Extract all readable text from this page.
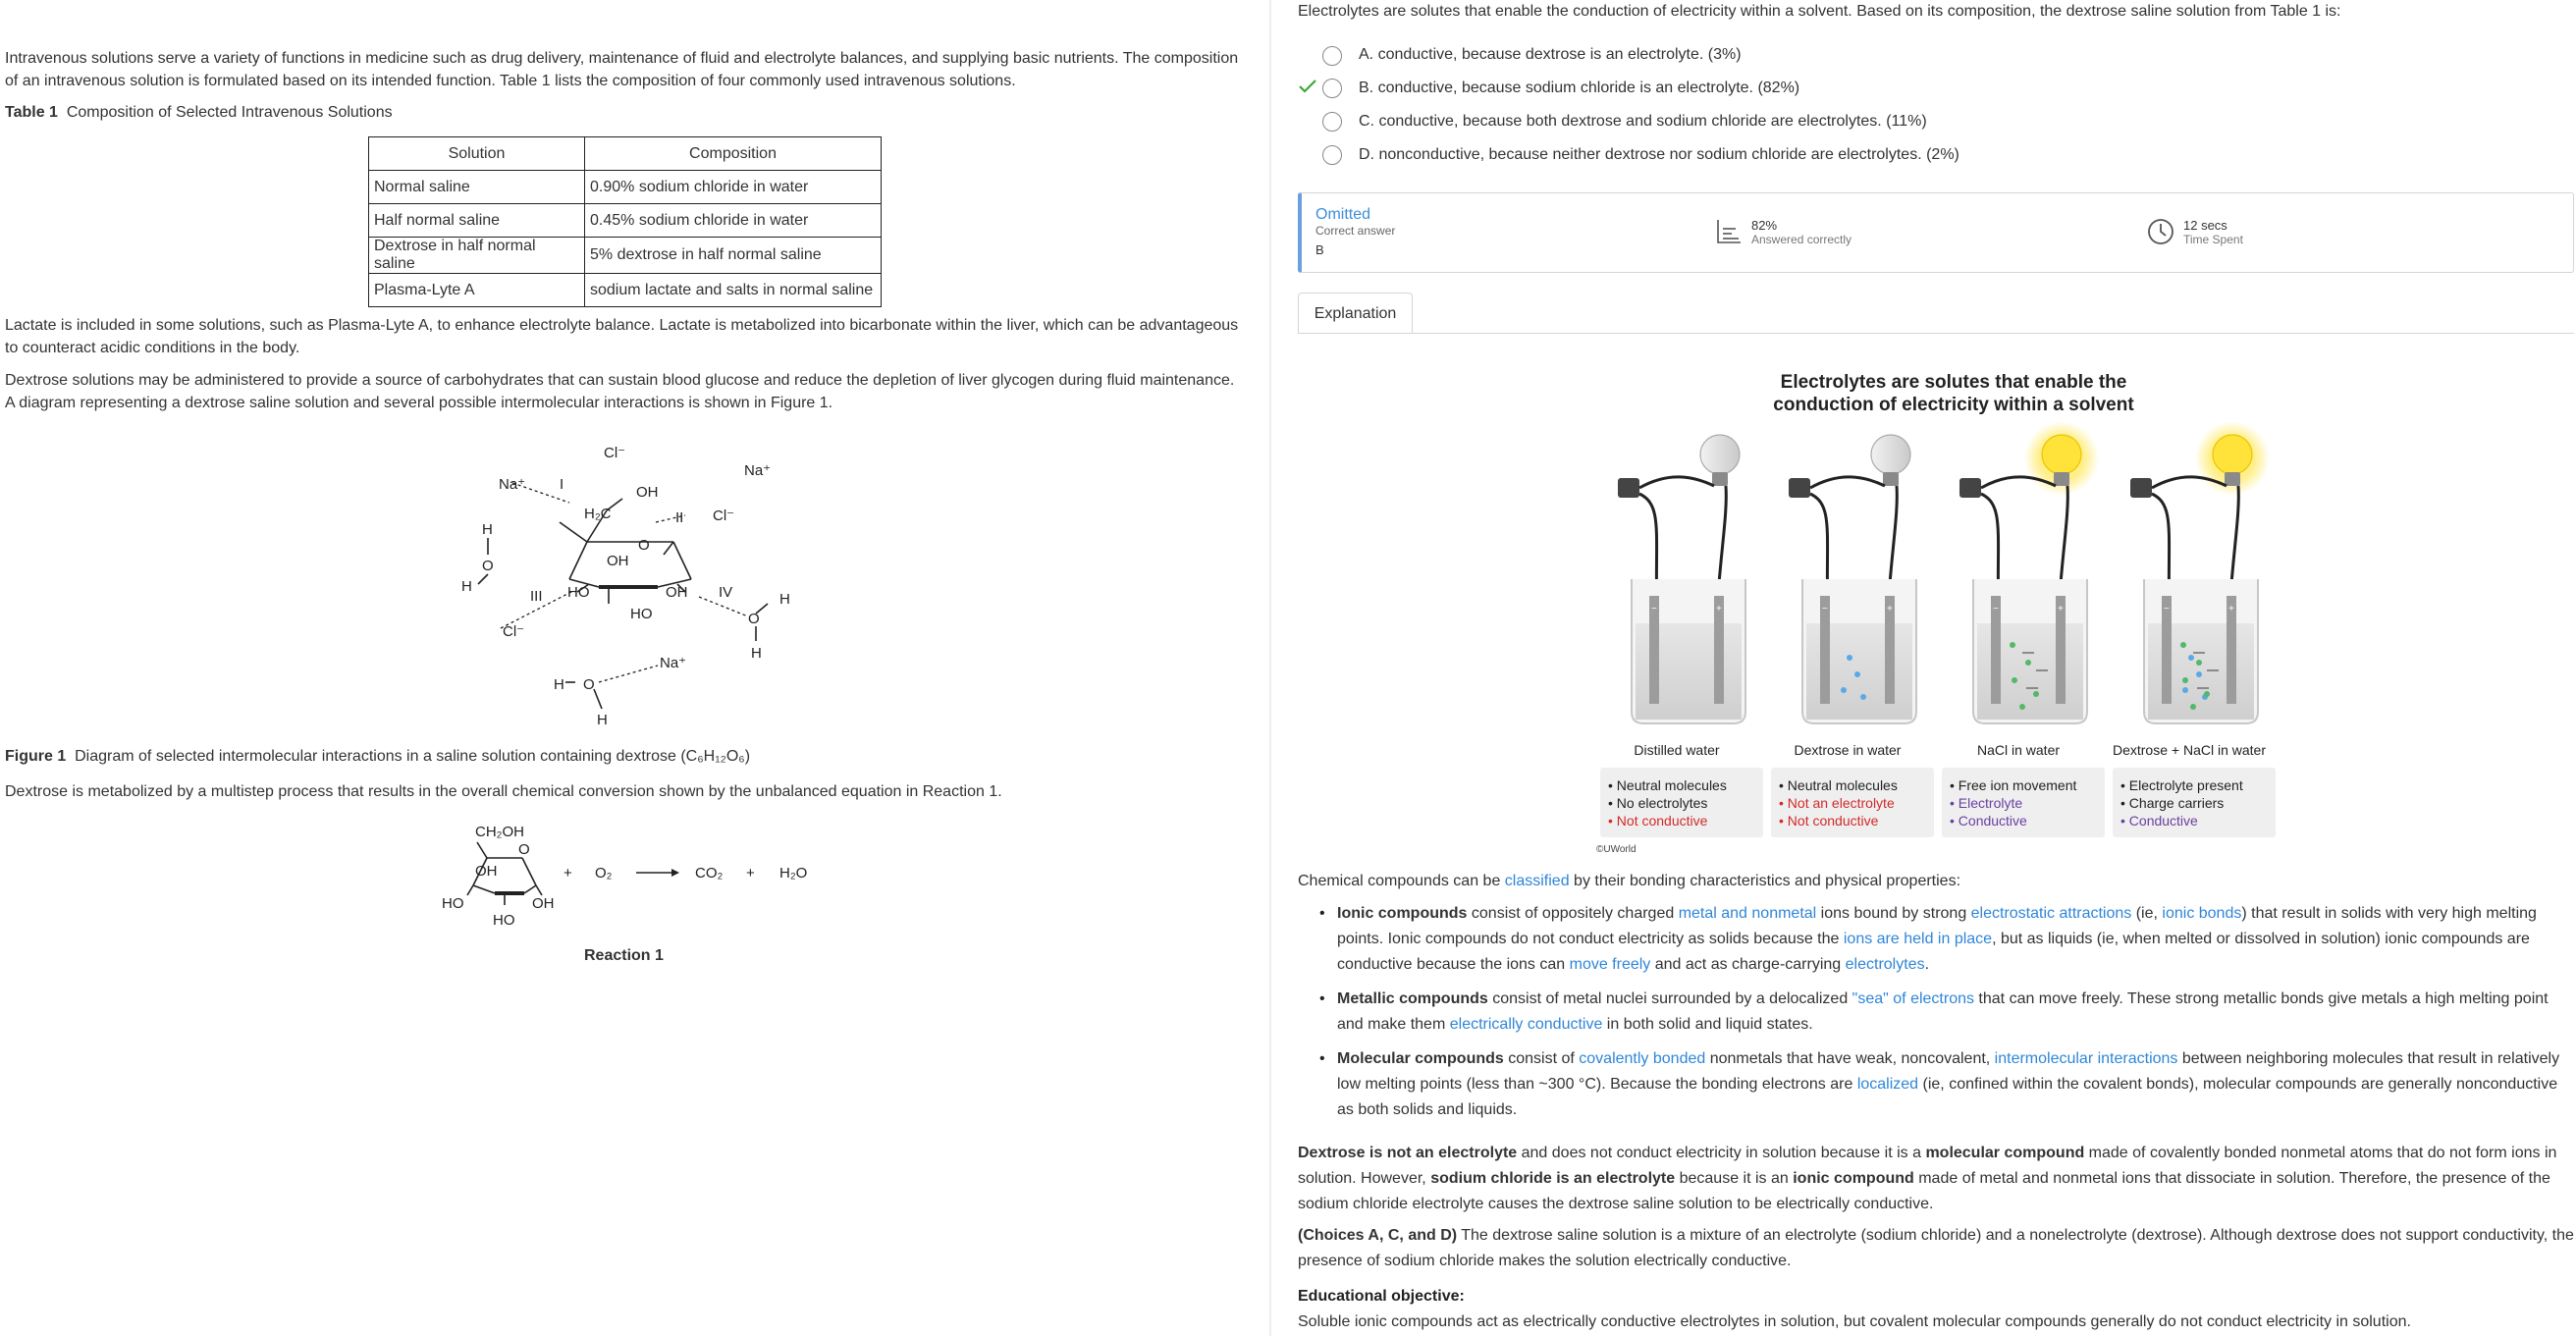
Intravenous solutions serve a variety of functions in medicine such as drug delivery, maintenance of fluid and electrolyte balances, and supplying basic nutrients. The composition

of an intravenous solution is formulated based on its intended function. Table 1 lists the composition of four commonly used intravenous solutions.

Table 1 Composition of Selected Intravenous Solutions
Solution	Composition
Normal saline	0.90% sodium chloride in water
Half normal saline	0.45% sodium chloride in water
Dextrose in half normal saline	5% dextrose in half normal saline
Plasma-Lyte A	sodium lactate and salts in normal saline

Lactate is included in some solutions, such as Plasma-Lyte A, to enhance electrolyte balance. Lactate is metabolized into bicarbonate within the liver, which can be advantageous

to counteract acidic conditions in the body.

Dextrose solutions may be administered to provide a source of carbohydrates that can sustain blood glucose and reduce the depletion of liver glycogen during fluid maintenance.

A diagram representing a dextrose saline solution and several possible intermolecular interactions is shown in Figure 1.

Cl⁻
Na⁺
Na⁺
Cl⁻
Cl⁻
Na⁺
I
II
III	IV
H₂C
OH
OH
OH
HO
HO
O
H
O
H
O
H
H
H O
H
Figure 1 Diagram of selected intermolecular interactions in a saline solution containing dextrose (C₆H₁₂O₆)

Dextrose is metabolized by a multistep process that results in the overall chemical conversion shown by the unbalanced equation in Reaction 1.

CH₂OH
OH
O
HO	OH
HO
+ O₂	CO₂ + H₂O
Reaction 1

Electrolytes are solutes that enable the conduction of electricity within a solvent. Based on its composition, the dextrose saline solution from Table 1 is:

A. conductive, because dextrose is an electrolyte. (3%)
B. conductive, because sodium chloride is an electrolyte. (82%)
C. conductive, because both dextrose and sodium chloride are electrolytes. (11%)
D. nonconductive, because neither dextrose nor sodium chloride are electrolytes. (2%)
Omitted
Correct answer
B
82%
Answered correctly
12 secs
Time Spent
Explanation
Electrolytes are solutes that enable the
conduction of electricity within a solvent
−	+	−	+	−	+	−	+
Distilled water
• Neutral molecules
• No electrolytes
• Not conductive
Dextrose in water
• Neutral molecules
• Not an electrolyte
• Not conductive
NaCl in water
• Free ion movement
• Electrolyte
• Conductive
Dextrose + NaCl in water
• Electrolyte present
• Charge carriers
• Conductive
©UWorld

Chemical compounds can be classified by their bonding characteristics and physical properties:

• Ionic compounds consist of oppositely charged metal and nonmetal ions bound by strong electrostatic attractions (ie, ionic bonds) that result in solids with very high melting points. Ionic compounds do not conduct electricity as solids because the ions are held in place, but as liquids (ie, when melted or dissolved in solution) ionic compounds are conductive because the ions can move freely and act as charge-carrying electrolytes.
• Metallic compounds consist of metal nuclei surrounded by a delocalized "sea" of electrons that can move freely. These strong metallic bonds give metals a high melting point and make them electrically conductive in both solid and liquid states.
• Molecular compounds consist of covalently bonded nonmetals that have weak, noncovalent, intermolecular interactions between neighboring molecules that result in relatively low melting points (less than ~300 °C). Because the bonding electrons are localized (ie, confined within the covalent bonds), molecular compounds are generally nonconductive as both solids and liquids.

Dextrose is not an electrolyte and does not conduct electricity in solution because it is a molecular compound made of covalently bonded nonmetal atoms that do not form ions in solution. However, sodium chloride is an electrolyte because it is an ionic compound made of metal and nonmetal ions that dissociate in solution. Therefore, the presence of the sodium chloride electrolyte causes the dextrose saline solution to be electrically conductive.

(Choices A, C, and D) The dextrose saline solution is a mixture of an electrolyte (sodium chloride) and a nonelectrolyte (dextrose). Although dextrose does not support conductivity, the presence of sodium chloride makes the solution electrically conductive.

Educational objective:

Soluble ionic compounds act as electrically conductive electrolytes in solution, but covalent molecular compounds generally do not conduct electricity in solution.
